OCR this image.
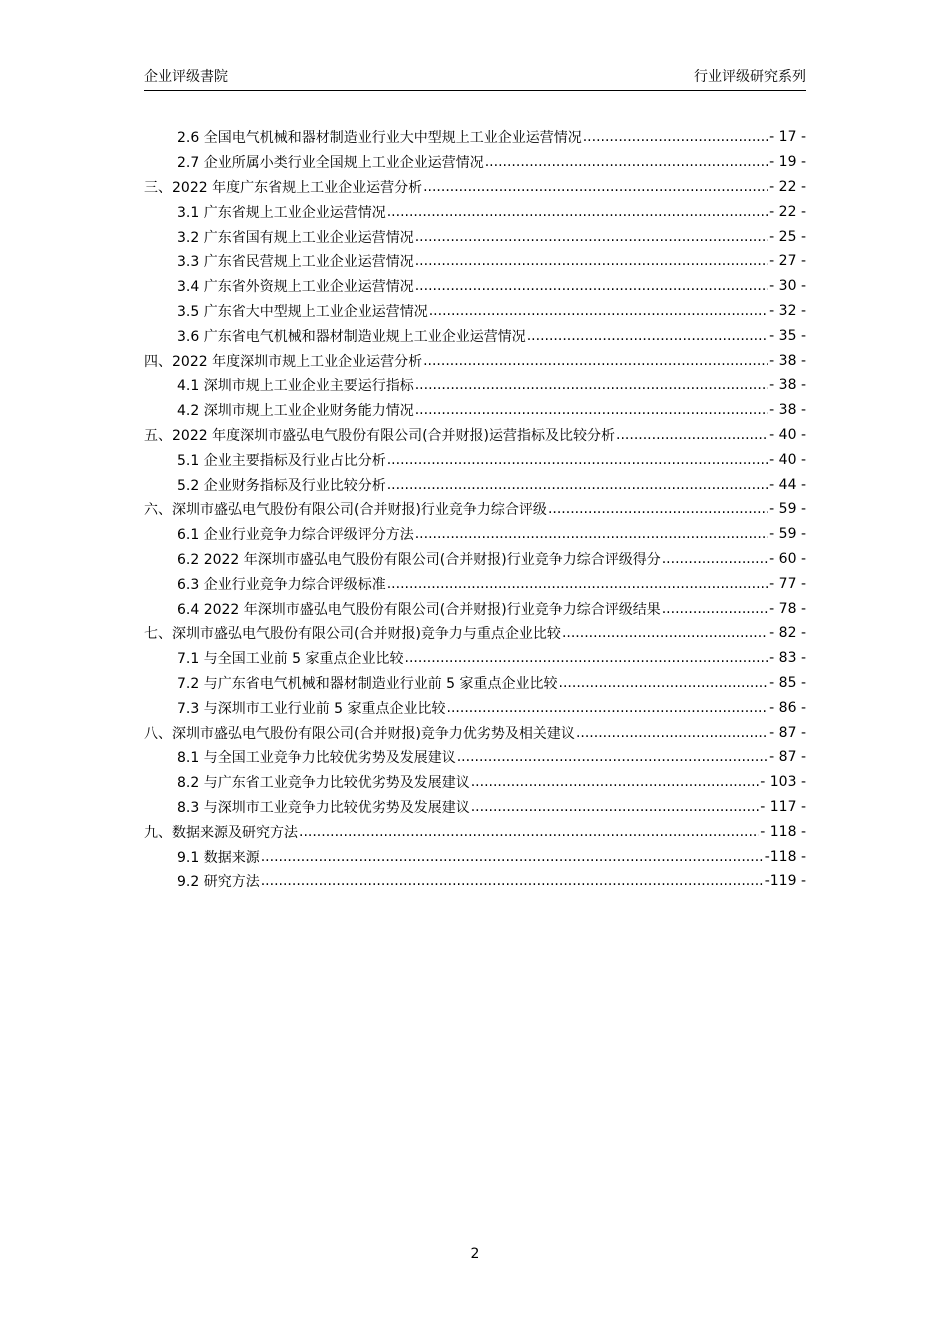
企业评级書院	行业评级研究系列
2.6 全国电气机械和器材制造业行业大中型规上工业企业运营情况 .....	- 17 -
2.7 企业所属小类行业全国规上工业企业运营情况 .....	- 19 -
三、2022 年度广东省规上工业企业运营分析 .....	- 22 -
3.1 广东省规上工业企业运营情况 .....	- 22 -
3.2 广东省国有规上工业企业运营情况 .....	- 25 -
3.3 广东省民营规上工业企业运营情况 .....	- 27 -
3.4 广东省外资规上工业企业运营情况 .....	- 30 -
3.5 广东省大中型规上工业企业运营情况 .....	- 32 -
3.6 广东省电气机械和器材制造业规上工业企业运营情况 .....	- 35 -
四、2022 年度深圳市规上工业企业运营分析 .....	- 38 -
4.1 深圳市规上工业企业主要运行指标 .....	- 38 -
4.2 深圳市规上工业企业财务能力情况 .....	- 38 -
五、2022 年度深圳市盛弘电气股份有限公司(合并财报)运营指标及比较分析 .....	- 40 -
5.1 企业主要指标及行业占比分析 .....	- 40 -
5.2 企业财务指标及行业比较分析 .....	- 44 -
六、深圳市盛弘电气股份有限公司(合并财报)行业竞争力综合评级 .....	- 59 -
6.1 企业行业竞争力综合评级评分方法 .....	- 59 -
6.2 2022 年深圳市盛弘电气股份有限公司(合并财报)行业竞争力综合评级得分 .....	- 60 -
6.3 企业行业竞争力综合评级标准 .....	- 77 -
6.4 2022 年深圳市盛弘电气股份有限公司(合并财报)行业竞争力综合评级结果 .....	- 78 -
七、深圳市盛弘电气股份有限公司(合并财报)竞争力与重点企业比较 .....	- 82 -
7.1 与全国工业前 5 家重点企业比较 .....	- 83 -
7.2 与广东省电气机械和器材制造业行业前 5 家重点企业比较 .....	- 85 -
7.3 与深圳市工业行业前 5 家重点企业比较 .....	- 86 -
八、深圳市盛弘电气股份有限公司(合并财报)竞争力优劣势及相关建议 .....	- 87 -
8.1 与全国工业竞争力比较优劣势及发展建议 .....	- 87 -
8.2 与广东省工业竞争力比较优劣势及发展建议 .....	- 103 -
8.3 与深圳市工业竞争力比较优劣势及发展建议 .....	- 117 -
九、数据来源及研究方法 .....	- 118 -
9.1 数据来源 .....	-118 -
9.2 研究方法 .....	-119 -
2
